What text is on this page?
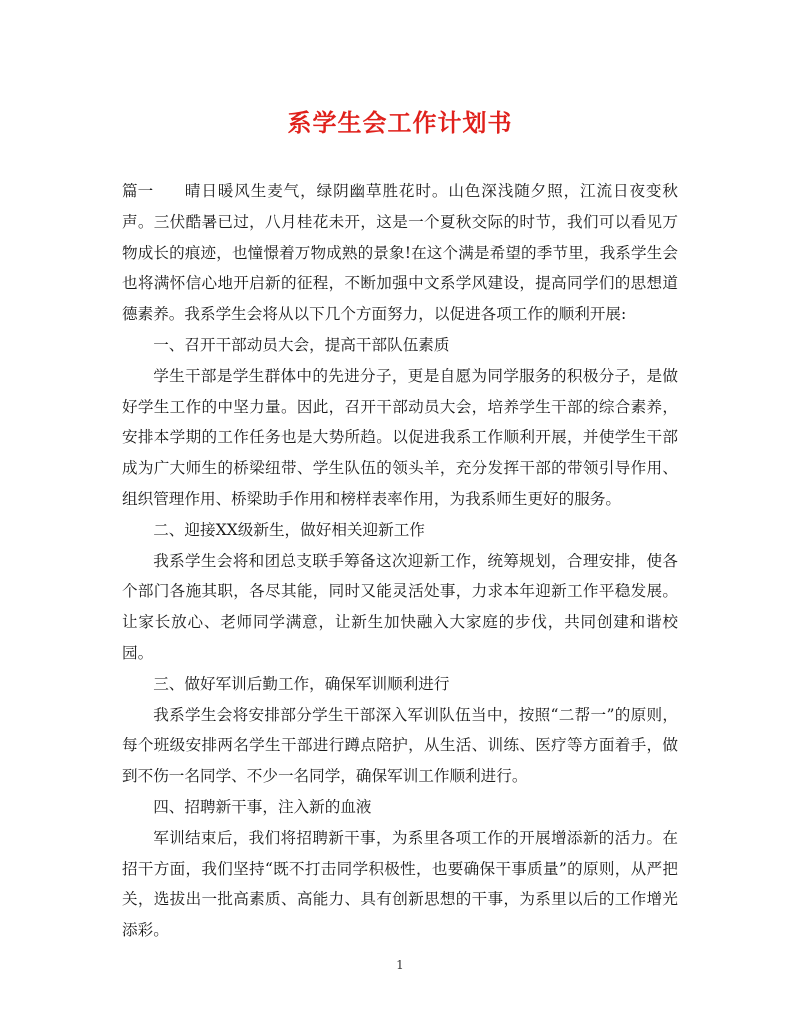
系学生会工作计划书

篇一 晴日暖风生麦气，绿阴幽草胜花时。山色深浅随夕照，江流日夜变秋声。三伏酷暑已过，八月桂花未开，这是一个夏秋交际的时节，我们可以看见万物成长的痕迹，也憧憬着万物成熟的景象!在这个满是希望的季节里，我系学生会也将满怀信心地开启新的征程，不断加强中文系学风建设，提高同学们的思想道德素养。我系学生会将从以下几个方面努力，以促进各项工作的顺利开展:

一、召开干部动员大会，提高干部队伍素质

学生干部是学生群体中的先进分子，更是自愿为同学服务的积极分子，是做好学生工作的中坚力量。因此，召开干部动员大会，培养学生干部的综合素养，安排本学期的工作任务也是大势所趋。以促进我系工作顺利开展，并使学生干部成为广大师生的桥梁纽带、学生队伍的领头羊，充分发挥干部的带领引导作用、组织管理作用、桥梁助手作用和榜样表率作用，为我系师生更好的服务。

二、迎接XX级新生，做好相关迎新工作

我系学生会将和团总支联手筹备这次迎新工作，统筹规划，合理安排，使各个部门各施其职，各尽其能，同时又能灵活处事，力求本年迎新工作平稳发展。让家长放心、老师同学满意，让新生加快融入大家庭的步伐，共同创建和谐校园。

三、做好军训后勤工作，确保军训顺利进行

我系学生会将安排部分学生干部深入军训队伍当中，按照“二帮一”的原则，每个班级安排两名学生干部进行蹲点陪护，从生活、训练、医疗等方面着手，做到不伤一名同学、不少一名同学，确保军训工作顺利进行。

四、招聘新干事，注入新的血液

军训结束后，我们将招聘新干事，为系里各项工作的开展增添新的活力。在招干方面，我们坚持“既不打击同学积极性，也要确保干事质量”的原则，从严把关，选拔出一批高素质、高能力、具有创新思想的干事，为系里以后的工作增光添彩。

1
